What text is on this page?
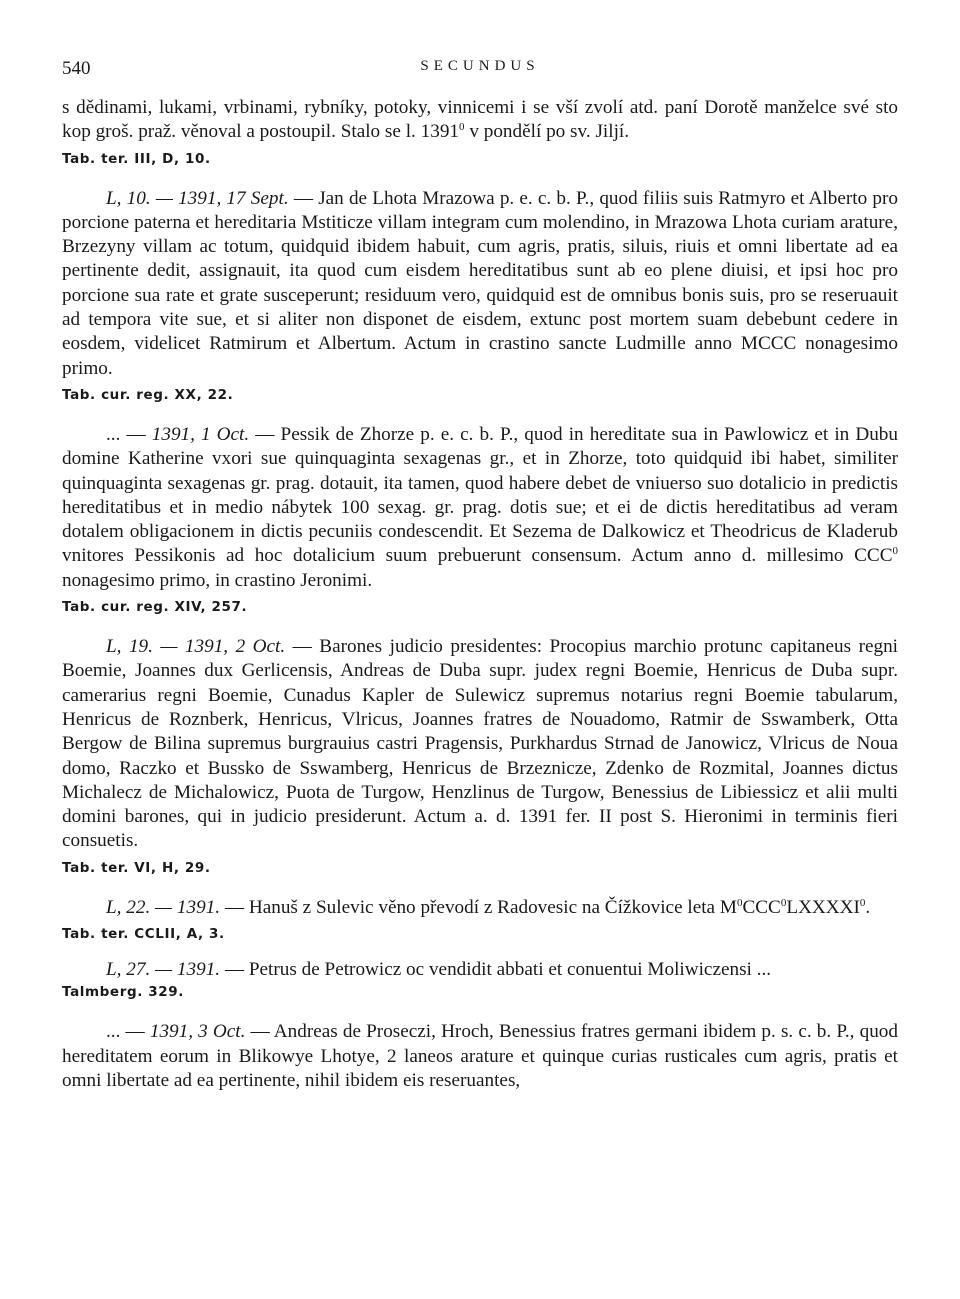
540	SECUNDUS

s dědinami, lukami, vrbinami, rybníky, potoky, vinnicemi i se vší zvolí atd. paní Dorotě manželce své sto kop groš. praž. věnoval a postoupil. Stalo se l. 1391$^0$ v pondělí po sv. Jiljí.

Tab. ter. III, D, 10.

L, 10. — 1391, 17 Sept. — Jan de Lhota Mrazowa p. e. c. b. P., quod filiis suis Ratmyro et Alberto pro porcione paterna et hereditaria Mstiticze villam integram cum molendino, in Mrazowa Lhota curiam arature, Brzezyny villam ac totum, quidquid ibidem habuit, cum agris, pratis, siluis, riuis et omni libertate ad ea pertinente dedit, assignauit, ita quod cum eisdem hereditatibus sunt ab eo plene diuisi, et ipsi hoc pro porcione sua rate et grate susceperunt; residuum vero, quidquid est de omnibus bonis suis, pro se reseruauit ad tempora vite sue, et si aliter non disponet de eisdem, extunc post mortem suam debebunt cedere in eosdem, videlicet Ratmirum et Albertum. Actum in crastino sancte Ludmille anno MCCC nonagesimo primo.

Tab. cur. reg. XX, 22.

... — 1391, 1 Oct. — Pessik de Zhorze p. e. c. b. P., quod in hereditate sua in Pawlowicz et in Dubu domine Katherine vxori sue quinquaginta sexagenas gr., et in Zhorze, toto quidquid ibi habet, similiter quinquaginta sexagenas gr. prag. dotauit, ita tamen, quod habere debet de vniuerso suo dotalicio in predictis hereditatibus et in medio nábytek 100 sexag. gr. prag. dotis sue; et ei de dictis hereditatibus ad veram dotalem obligacionem in dictis pecuniis condescendit. Et Sezema de Dalkowicz et Theodricus de Kladerub vnitores Pessikonis ad hoc dotalicium suum prebuerunt consensum. Actum anno d. millesimo CCC$^0$ nonagesimo primo, in crastino Jeronimi.

Tab. cur. reg. XIV, 257.

L, 19. — 1391, 2 Oct. — Barones judicio presidentes: Procopius marchio protunc capitaneus regni Boemie, Joannes dux Gerlicensis, Andreas de Duba supr. judex regni Boemie, Henricus de Duba supr. camerarius regni Boemie, Cunadus Kapler de Sulewicz supremus notarius regni Boemie tabularum, Henricus de Roznberk, Henricus, Vlricus, Joannes fratres de Nouadomo, Ratmir de Sswamberk, Otta Bergow de Bilina supremus burgrauius castri Pragensis, Purkhardus Strnad de Janowicz, Vlricus de Noua domo, Raczko et Bussko de Sswamberg, Henricus de Brzeznicze, Zdenko de Rozmital, Joannes dictus Michalecz de Michalowicz, Puota de Turgow, Henzlinus de Turgow, Benessius de Libiessicz et alii multi domini barones, qui in judicio presiderunt. Actum a. d. 1391 fer. II post S. Hieronimi in terminis fieri consuetis.

Tab. ter. VI, H, 29.

L, 22. — 1391. — Hanuš z Sulevic věno převodí z Radovesic na Čížkovice leta $M^0CCC^0LXXXXI^0$.

Tab. ter. CCLII, A, 3.

L, 27. — 1391. — Petrus de Petrowicz oc vendidit abbati et conuentui Moliwiczensi ...

Talmberg. 329.

... — 1391, 3 Oct. — Andreas de Proseczi, Hroch, Benessius fratres germani ibidem p. s. c. b. P., quod hereditatem eorum in Blikowye Lhotye, 2 laneos arature et quinque curias rusticales cum agris, pratis et omni libertate ad ea pertinente, nihil ibidem eis reseruantes,
